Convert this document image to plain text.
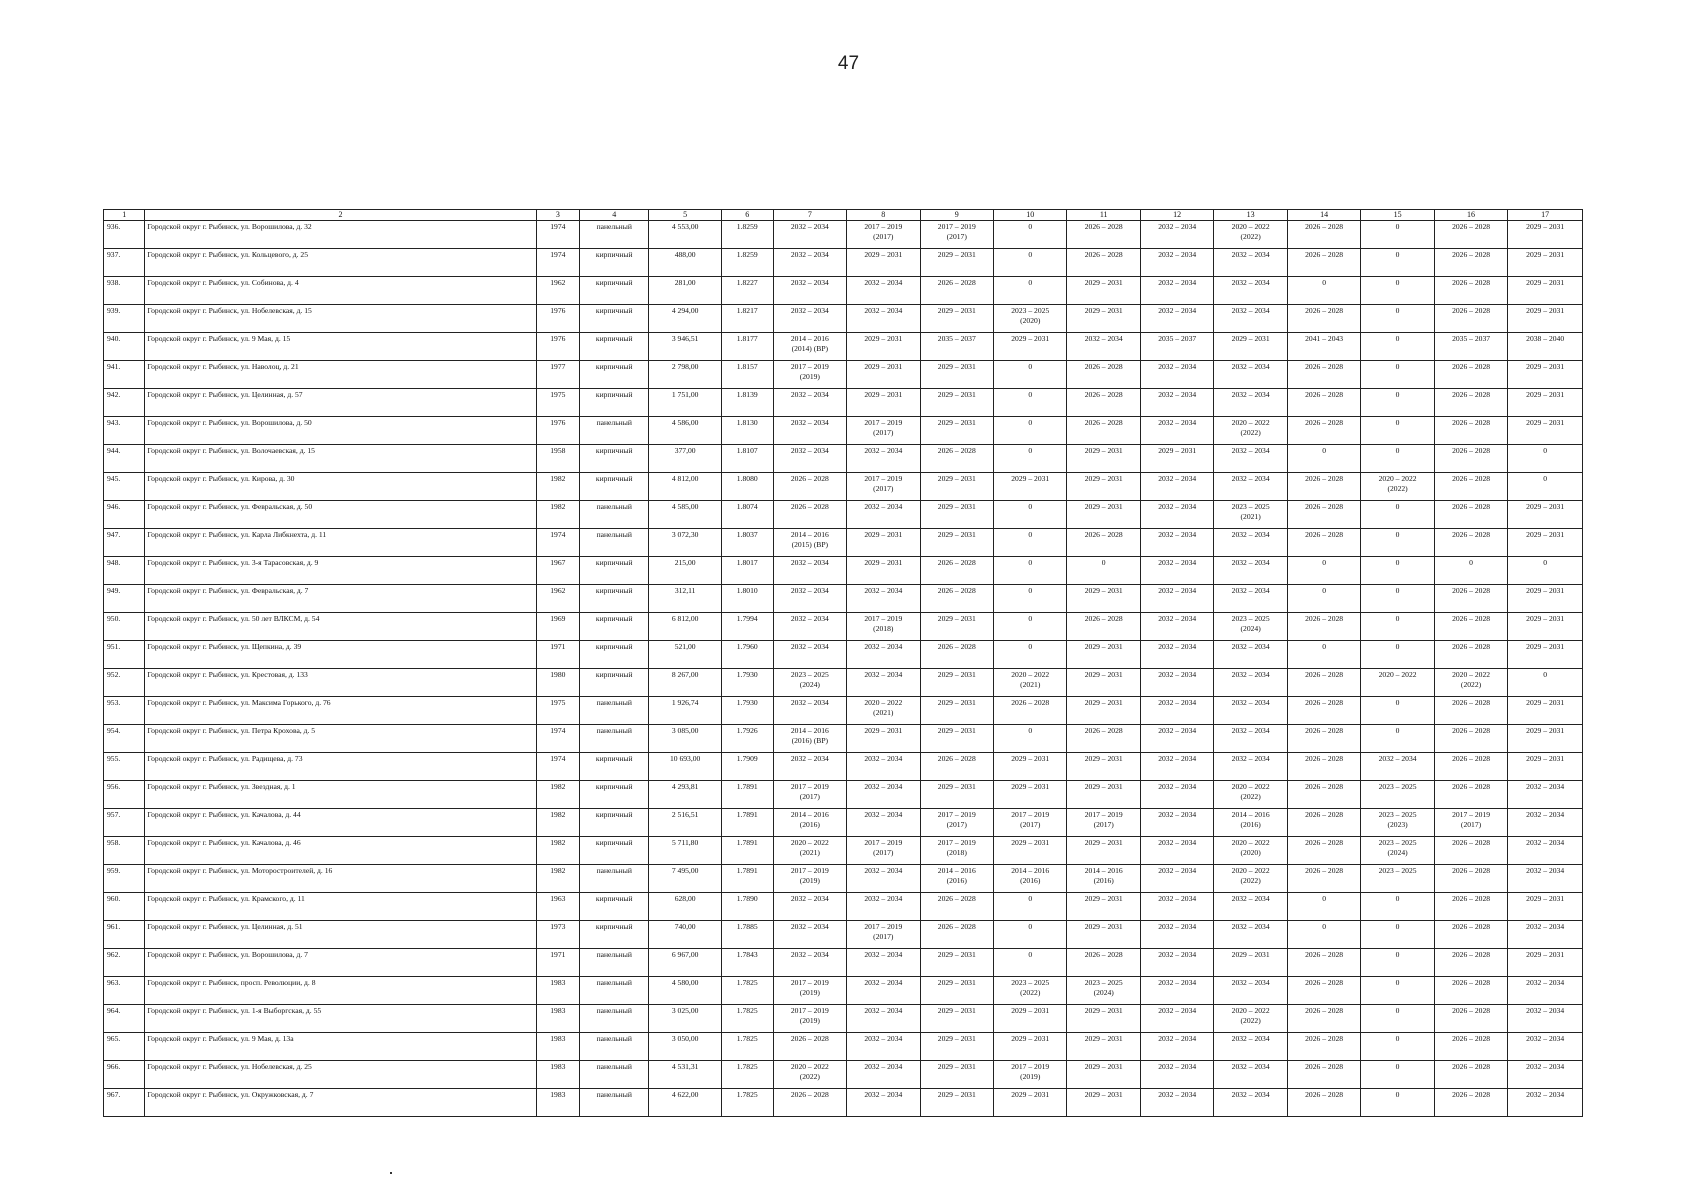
47
1	2	3	4	5	6	7	8	9	10	11	12	13	14	15	16	17

936.	Городской округ г. Рыбинск, ул. Ворошилова, д. 32	1974	панельный	4 553,00	1.8259	2032 – 2034	2017 – 2019
(2017)	2017 – 2019
(2017)	0	2026 – 2028	2032 – 2034	2020 – 2022
(2022)	2026 – 2028	0	2026 – 2028	2029 – 2031

937.	Городской округ г. Рыбинск, ул. Кольцевого, д. 25	1974	кирпичный	488,00	1.8259	2032 – 2034	2029 – 2031	2029 – 2031	0	2026 – 2028	2032 – 2034	2032 – 2034	2026 – 2028	0	2026 – 2028	2029 – 2031

938.	Городской округ г. Рыбинск, ул. Собинова, д. 4	1962	кирпичный	281,00	1.8227	2032 – 2034	2032 – 2034	2026 – 2028	0	2029 – 2031	2032 – 2034	2032 – 2034	0	0	2026 – 2028	2029 – 2031

939.	Городской округ г. Рыбинск, ул. Нобелевская, д. 15	1976	кирпичный	4 294,00	1.8217	2032 – 2034	2032 – 2034	2029 – 2031	2023 – 2025
(2020)	2029 – 2031	2032 – 2034	2032 – 2034	2026 – 2028	0	2026 – 2028	2029 – 2031

940.	Городской округ г. Рыбинск, ул. 9 Мая, д. 15	1976	кирпичный	3 946,51	1.8177	2014 – 2016
(2014) (ВР)	2029 – 2031	2035 – 2037	2029 – 2031	2032 – 2034	2035 – 2037	2029 – 2031	2041 – 2043	0	2035 – 2037	2038 – 2040

941.	Городской округ г. Рыбинск, ул. Наволоц, д. 21	1977	кирпичный	2 798,00	1.8157	2017 – 2019
(2019)	2029 – 2031	2029 – 2031	0	2026 – 2028	2032 – 2034	2032 – 2034	2026 – 2028	0	2026 – 2028	2029 – 2031

942.	Городской округ г. Рыбинск, ул. Целинная, д. 57	1975	кирпичный	1 751,00	1.8139	2032 – 2034	2029 – 2031	2029 – 2031	0	2026 – 2028	2032 – 2034	2032 – 2034	2026 – 2028	0	2026 – 2028	2029 – 2031

943.	Городской округ г. Рыбинск, ул. Ворошилова, д. 50	1976	панельный	4 586,00	1.8130	2032 – 2034	2017 – 2019
(2017)	2029 – 2031	0	2026 – 2028	2032 – 2034	2020 – 2022
(2022)	2026 – 2028	0	2026 – 2028	2029 – 2031

944.	Городской округ г. Рыбинск, ул. Волочаевская, д. 15	1958	кирпичный	377,00	1.8107	2032 – 2034	2032 – 2034	2026 – 2028	0	2029 – 2031	2029 – 2031	2032 – 2034	0	0	2026 – 2028	0

945.	Городской округ г. Рыбинск, ул. Кирова, д. 30	1982	кирпичный	4 812,00	1.8080	2026 – 2028	2017 – 2019
(2017)	2029 – 2031	2029 – 2031	2029 – 2031	2032 – 2034	2032 – 2034	2026 – 2028	2020 – 2022
(2022)	2026 – 2028	0

946.	Городской округ г. Рыбинск, ул. Февральская, д. 50	1982	панельный	4 585,00	1.8074	2026 – 2028	2032 – 2034	2029 – 2031	0	2029 – 2031	2032 – 2034	2023 – 2025
(2021)	2026 – 2028	0	2026 – 2028	2029 – 2031

947.	Городской округ г. Рыбинск, ул. Карла Либкнехта, д. 11	1974	панельный	3 072,30	1.8037	2014 – 2016
(2015) (ВР)	2029 – 2031	2029 – 2031	0	2026 – 2028	2032 – 2034	2032 – 2034	2026 – 2028	0	2026 – 2028	2029 – 2031

948.	Городской округ г. Рыбинск, ул. 3-я Тарасовская, д. 9	1967	кирпичный	215,00	1.8017	2032 – 2034	2029 – 2031	2026 – 2028	0	0	2032 – 2034	2032 – 2034	0	0	0	0

949.	Городской округ г. Рыбинск, ул. Февральская, д. 7	1962	кирпичный	312,11	1.8010	2032 – 2034	2032 – 2034	2026 – 2028	0	2029 – 2031	2032 – 2034	2032 – 2034	0	0	2026 – 2028	2029 – 2031

950.	Городской округ г. Рыбинск, ул. 50 лет ВЛКСМ, д. 54	1969	кирпичный	6 812,00	1.7994	2032 – 2034	2017 – 2019
(2018)	2029 – 2031	0	2026 – 2028	2032 – 2034	2023 – 2025
(2024)	2026 – 2028	0	2026 – 2028	2029 – 2031

951.	Городской округ г. Рыбинск, ул. Щепкина, д. 39	1971	кирпичный	521,00	1.7960	2032 – 2034	2032 – 2034	2026 – 2028	0	2029 – 2031	2032 – 2034	2032 – 2034	0	0	2026 – 2028	2029 – 2031

952.	Городской округ г. Рыбинск, ул. Крестовая, д. 133	1980	кирпичный	8 267,00	1.7930	2023 – 2025
(2024)	2032 – 2034	2029 – 2031	2020 – 2022
(2021)	2029 – 2031	2032 – 2034	2032 – 2034	2026 – 2028	2020 – 2022	2020 – 2022
(2022)	0

953.	Городской округ г. Рыбинск, ул. Максима Горького, д. 76	1975	панельный	1 926,74	1.7930	2032 – 2034	2020 – 2022
(2021)	2029 – 2031	2026 – 2028	2029 – 2031	2032 – 2034	2032 – 2034	2026 – 2028	0	2026 – 2028	2029 – 2031

954.	Городской округ г. Рыбинск, ул. Петра Крохова, д. 5	1974	панельный	3 085,00	1.7926	2014 – 2016
(2016) (ВР)	2029 – 2031	2029 – 2031	0	2026 – 2028	2032 – 2034	2032 – 2034	2026 – 2028	0	2026 – 2028	2029 – 2031

955.	Городской округ г. Рыбинск, ул. Радищева, д. 73	1974	кирпичный	10 693,00	1.7909	2032 – 2034	2032 – 2034	2026 – 2028	2029 – 2031	2029 – 2031	2032 – 2034	2032 – 2034	2026 – 2028	2032 – 2034	2026 – 2028	2029 – 2031

956.	Городской округ г. Рыбинск, ул. Звездная, д. 1	1982	кирпичный	4 293,81	1.7891	2017 – 2019
(2017)	2032 – 2034	2029 – 2031	2029 – 2031	2029 – 2031	2032 – 2034	2020 – 2022
(2022)	2026 – 2028	2023 – 2025	2026 – 2028	2032 – 2034

957.	Городской округ г. Рыбинск, ул. Качалова, д. 44	1982	кирпичный	2 516,51	1.7891	2014 – 2016
(2016)	2032 – 2034	2017 – 2019
(2017)	2017 – 2019
(2017)	2017 – 2019
(2017)	2032 – 2034	2014 – 2016
(2016)	2026 – 2028	2023 – 2025
(2023)	2017 – 2019
(2017)	2032 – 2034

958.	Городской округ г. Рыбинск, ул. Качалова, д. 46	1982	кирпичный	5 711,80	1.7891	2020 – 2022
(2021)	2017 – 2019
(2017)	2017 – 2019
(2018)	2029 – 2031	2029 – 2031	2032 – 2034	2020 – 2022
(2020)	2026 – 2028	2023 – 2025
(2024)	2026 – 2028	2032 – 2034

959.	Городской округ г. Рыбинск, ул. Моторостроителей, д. 16	1982	панельный	7 495,00	1.7891	2017 – 2019
(2019)	2032 – 2034	2014 – 2016
(2016)	2014 – 2016
(2016)	2014 – 2016
(2016)	2032 – 2034	2020 – 2022
(2022)	2026 – 2028	2023 – 2025	2026 – 2028	2032 – 2034

960.	Городской округ г. Рыбинск, ул. Крамского, д. 11	1963	кирпичный	628,00	1.7890	2032 – 2034	2032 – 2034	2026 – 2028	0	2029 – 2031	2032 – 2034	2032 – 2034	0	0	2026 – 2028	2029 – 2031

961.	Городской округ г. Рыбинск, ул. Целинная, д. 51	1973	кирпичный	740,00	1.7885	2032 – 2034	2017 – 2019
(2017)	2026 – 2028	0	2029 – 2031	2032 – 2034	2032 – 2034	0	0	2026 – 2028	2032 – 2034

962.	Городской округ г. Рыбинск, ул. Ворошилова, д. 7	1971	панельный	6 967,00	1.7843	2032 – 2034	2032 – 2034	2029 – 2031	0	2026 – 2028	2032 – 2034	2029 – 2031	2026 – 2028	0	2026 – 2028	2029 – 2031

963.	Городской округ г. Рыбинск, просп. Революции, д. 8	1983	панельный	4 580,00	1.7825	2017 – 2019
(2019)	2032 – 2034	2029 – 2031	2023 – 2025
(2022)	2023 – 2025
(2024)	2032 – 2034	2032 – 2034	2026 – 2028	0	2026 – 2028	2032 – 2034

964.	Городской округ г. Рыбинск, ул. 1-я Выборгская, д. 55	1983	панельный	3 025,00	1.7825	2017 – 2019
(2019)	2032 – 2034	2029 – 2031	2029 – 2031	2029 – 2031	2032 – 2034	2020 – 2022
(2022)	2026 – 2028	0	2026 – 2028	2032 – 2034

965.	Городской округ г. Рыбинск, ул. 9 Мая, д. 13а	1983	панельный	3 050,00	1.7825	2026 – 2028	2032 – 2034	2029 – 2031	2029 – 2031	2029 – 2031	2032 – 2034	2032 – 2034	2026 – 2028	0	2026 – 2028	2032 – 2034

966.	Городской округ г. Рыбинск, ул. Нобелевская, д. 25	1983	панельный	4 531,31	1.7825	2020 – 2022
(2022)	2032 – 2034	2029 – 2031	2017 – 2019
(2019)	2029 – 2031	2032 – 2034	2032 – 2034	2026 – 2028	0	2026 – 2028	2032 – 2034

967.	Городской округ г. Рыбинск, ул. Окружковская, д. 7	1983	панельный	4 622,00	1.7825	2026 – 2028	2032 – 2034	2029 – 2031	2029 – 2031	2029 – 2031	2032 – 2034	2032 – 2034	2026 – 2028	0	2026 – 2028	2032 – 2034
